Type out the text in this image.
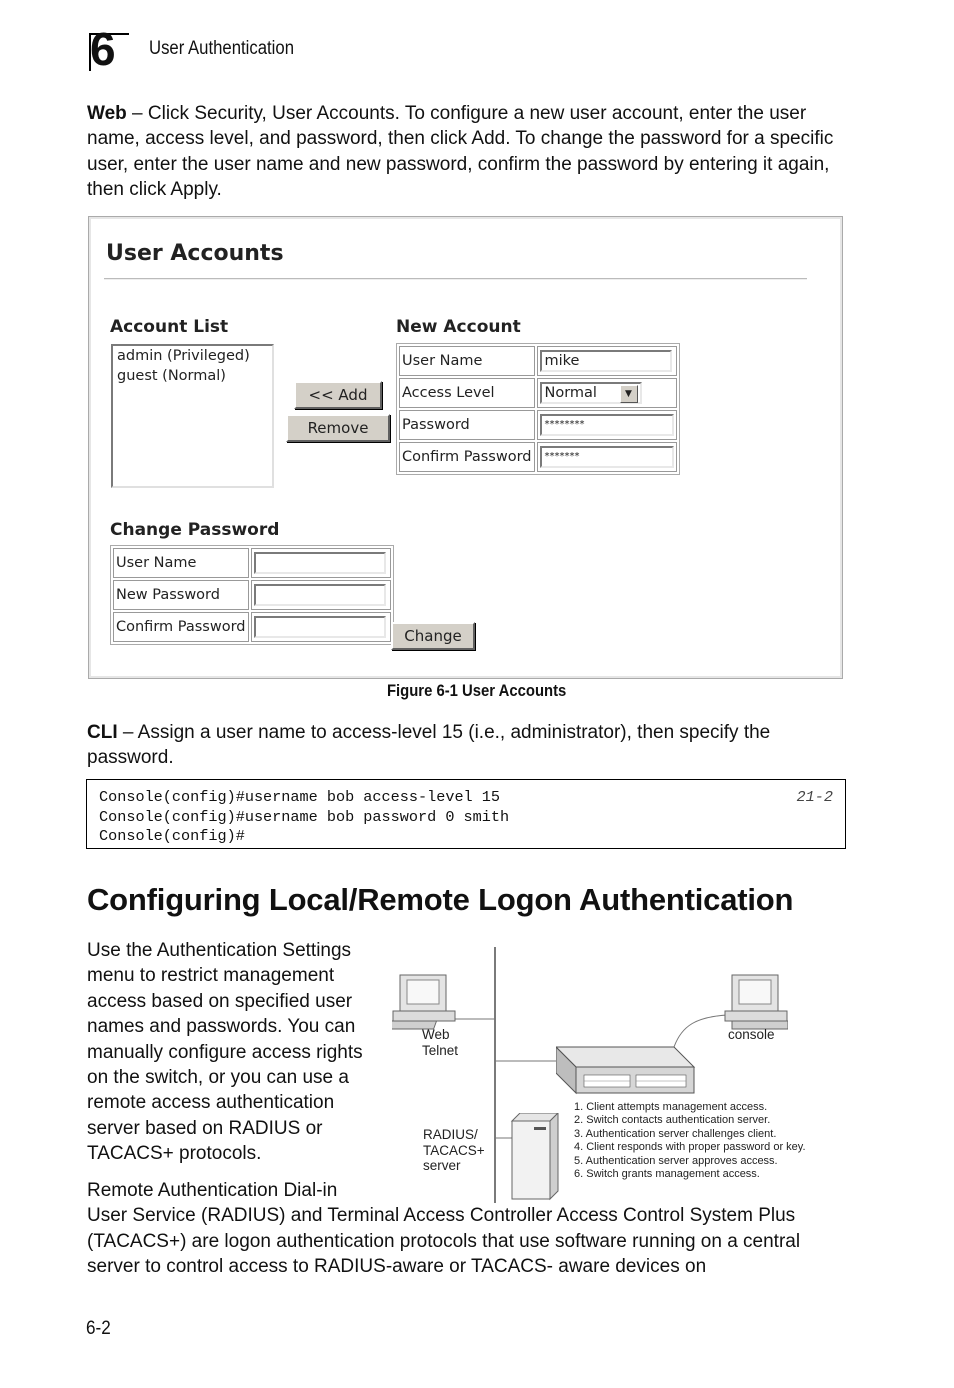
6 User Authentication
Web – Click Security, User Accounts. To configure a new user account, enter the user name, access level, and password, then click Add. To change the password for a specific user, enter the user name and new password, confirm the password by entering it again, then click Apply.
User Accounts
Account List
admin (Privileged)
guest (Normal)
<< Add
Remove
New Account
User Name	mike

Access Level	Normal ▼

Password	********

Confirm Password	*******
Change Password
User Name	

New Password	

Confirm Password		Change
Figure 6-1 User Accounts
CLI – Assign a user name to access-level 15 (i.e., administrator), then specify the password.
Console(config)#username bob access-level 15
Console(config)#username bob password 0 smith
Console(config)#
21-2
Configuring Local/Remote Logon Authentication
Use the Authentication Settings menu to restrict management access based on specified user names and passwords. You can manually configure access rights on the switch, or you can use a remote access authentication server based on RADIUS or TACACS+ protocols.
Web
Telnet
console
RADIUS/
TACACS+
server
1. Client attempts management access.
2. Switch contacts authentication server.
3. Authentication server challenges client.
4. Client responds with proper password or key.
5. Authentication server approves access.
6. Switch grants management access.
Remote Authentication Dial-in
User Service (RADIUS) and Terminal Access Controller Access Control System Plus (TACACS+) are logon authentication protocols that use software running on a central server to control access to RADIUS-aware or TACACS- aware devices on
6-2
